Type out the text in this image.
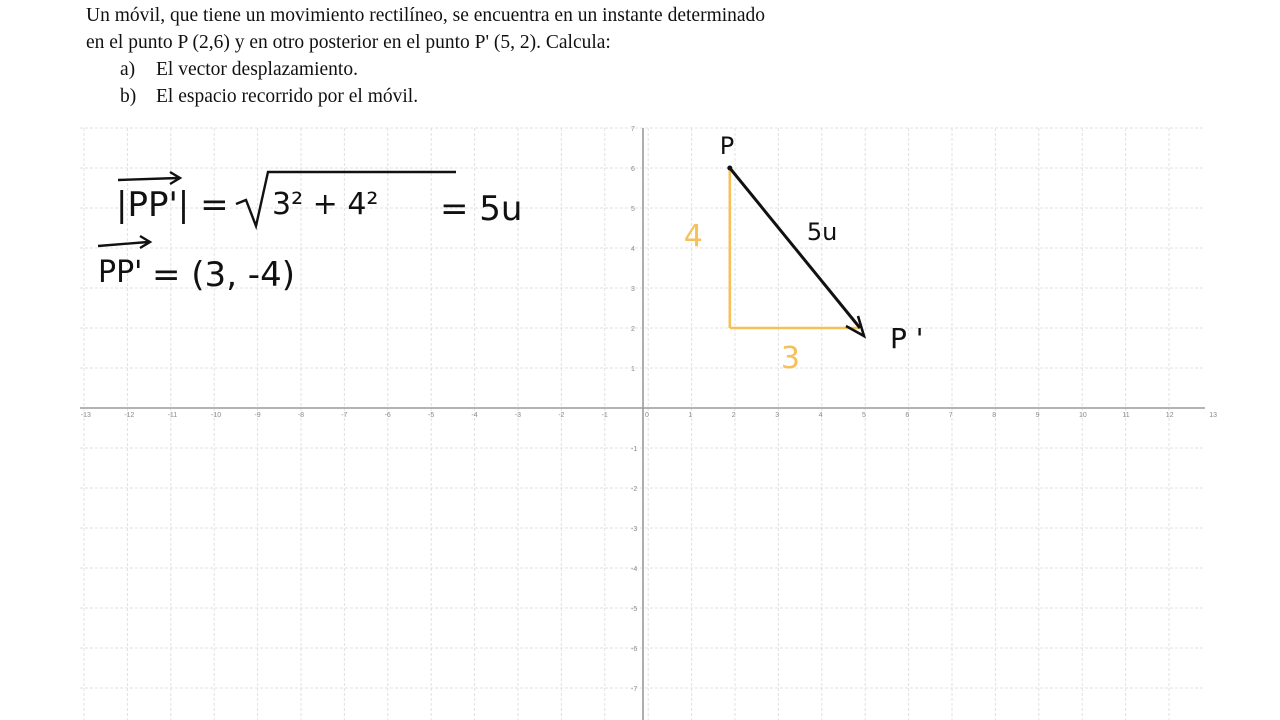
-13	-12	-11	-10	-9	-8	-7	-6	-5	-4	-3	-2	-1	0	1	2	3	4	5	6	7	8	9	10	11	12	13
7
6
5
4
3
2
1
-1
-2
-3
-4
-5
-6
-7
P
P '
4
3
5u
|PP'| = 3² + 4² = 5u
PP' = (3, -4)

Un móvil, que tiene un movimiento rectilíneo, se encuentra en un instante determinado

en el punto P (2,6) y en otro posterior en el punto P' (5, 2). Calcula:

a)	El vector desplazamiento.
b)	El espacio recorrido por el móvil.
